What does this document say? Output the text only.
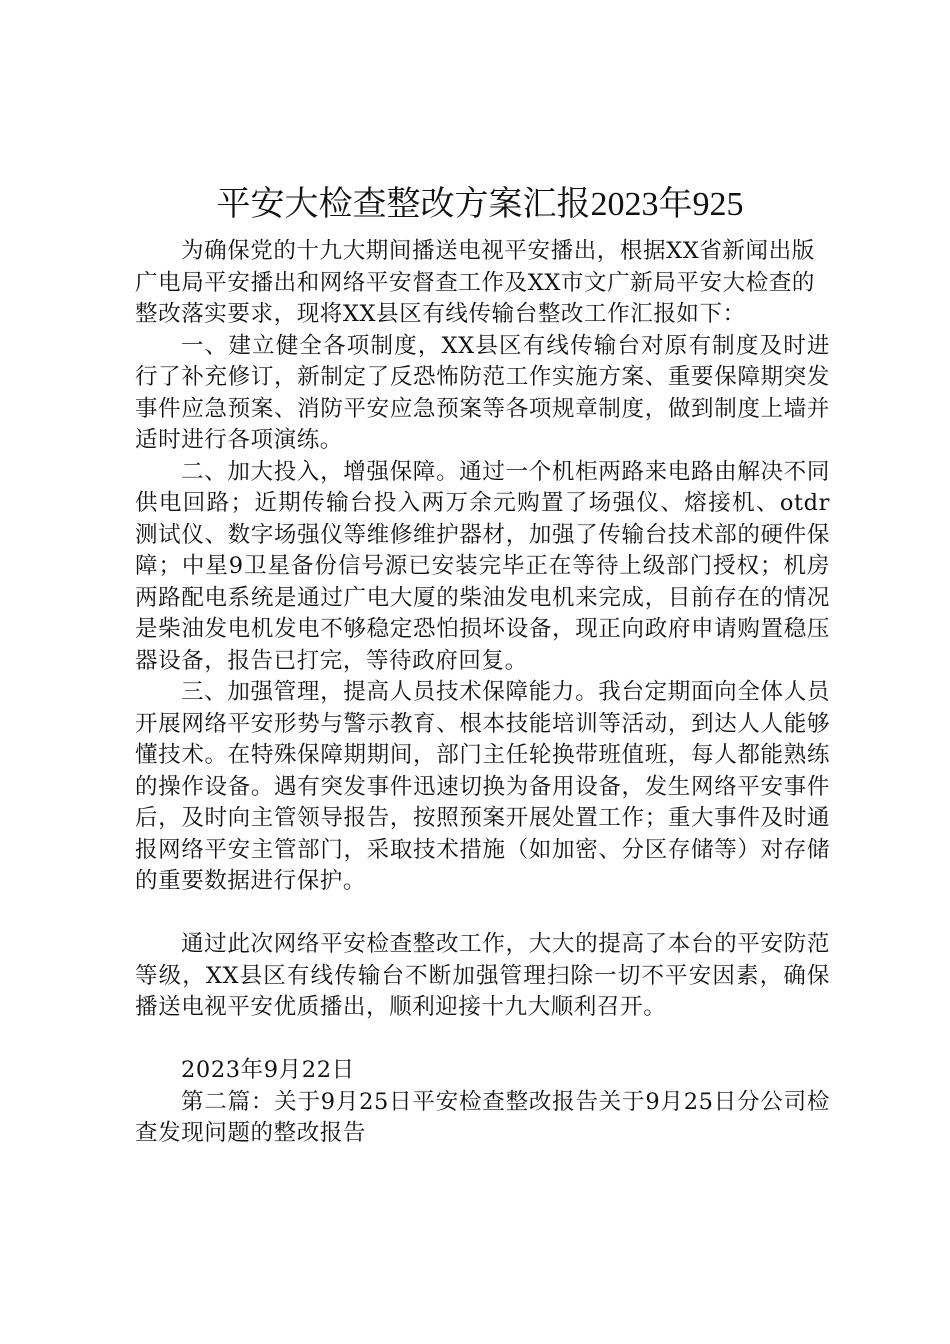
平安大检查整改方案汇报2023年925

为确保党的十九大期间播送电视平安播出，根据XX省新闻出版广电局平安播出和网络平安督查工作及XX市文广新局平安大检查的整改落实要求，现将XX县区有线传输台整改工作汇报如下：

一、建立健全各项制度，XX县区有线传输台对原有制度及时进行了补充修订，新制定了反恐怖防范工作实施方案、重要保障期突发事件应急预案、消防平安应急预案等各项规章制度，做到制度上墙并适时进行各项演练。

二、加大投入，增强保障。通过一个机柜两路来电路由解决不同供电回路；近期传输台投入两万余元购置了场强仪、熔接机、otdr测试仪、数字场强仪等维修维护器材，加强了传输台技术部的硬件保障；中星9卫星备份信号源已安装完毕正在等待上级部门授权；机房两路配电系统是通过广电大厦的柴油发电机来完成，目前存在的情况是柴油发电机发电不够稳定恐怕损坏设备，现正向政府申请购置稳压器设备，报告已打完，等待政府回复。

三、加强管理，提高人员技术保障能力。我台定期面向全体人员开展网络平安形势与警示教育、根本技能培训等活动，到达人人能够懂技术。在特殊保障期期间，部门主任轮换带班值班，每人都能熟练的操作设备。遇有突发事件迅速切换为备用设备，发生网络平安事件后，及时向主管领导报告，按照预案开展处置工作；重大事件及时通报网络平安主管部门，采取技术措施（如加密、分区存储等）对存储的重要数据进行保护。

通过此次网络平安检查整改工作，大大的提高了本台的平安防范等级，XX县区有线传输台不断加强管理扫除一切不平安因素，确保播送电视平安优质播出，顺利迎接十九大顺利召开。

2023年9月22日

第二篇：关于9月25日平安检查整改报告关于9月25日分公司检查发现问题的整改报告
